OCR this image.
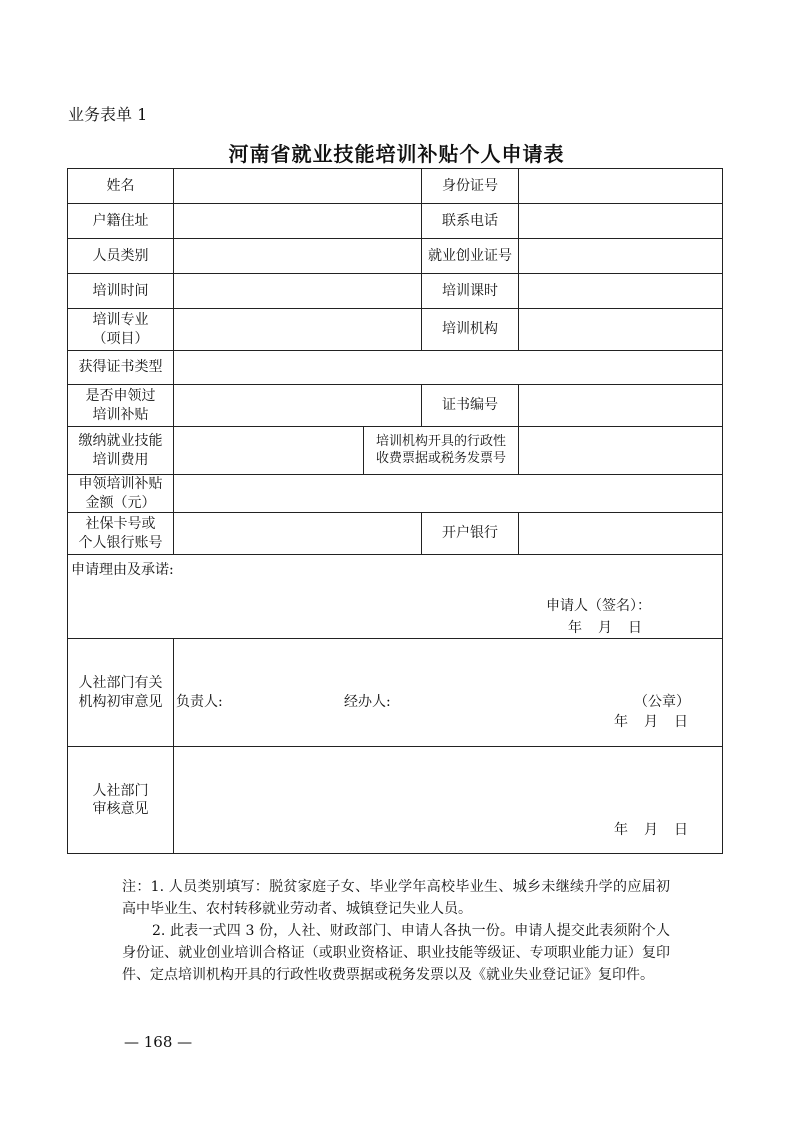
业务表单 1
河南省就业技能培训补贴个人申请表
姓名			身份证号	
户籍住址			联系电话	
人员类别			就业创业证号	
培训时间			培训课时	
培训专业
（项目）			培训机构	
获得证书类型				
是否申领过
培训补贴			证书编号	
缴纳就业技能
培训费用		培训机构开具的行政性
收费票据或税务发票号		
申领培训补贴
金额（元）				
社保卡号或
个人银行账号			开户银行	

申请理由及承诺:
申请人（签名）：
年　月　日				

人社部门有关
机构初审意见	负责人: 经办人: （公章）
年　月　日			

人社部门
审核意见	年　月　日			

注：1. 人员类别填写：脱贫家庭子女、毕业学年高校毕业生、城乡未继续升学的应届初高中毕业生、农村转移就业劳动者、城镇登记失业人员。

2. 此表一式四 3 份，人社、财政部门、申请人各执一份。申请人提交此表须附个人身份证、就业创业培训合格证（或职业资格证、职业技能等级证、专项职业能力证）复印件、定点培训机构开具的行政性收费票据或税务发票以及《就业失业登记证》复印件。

— 168 —
